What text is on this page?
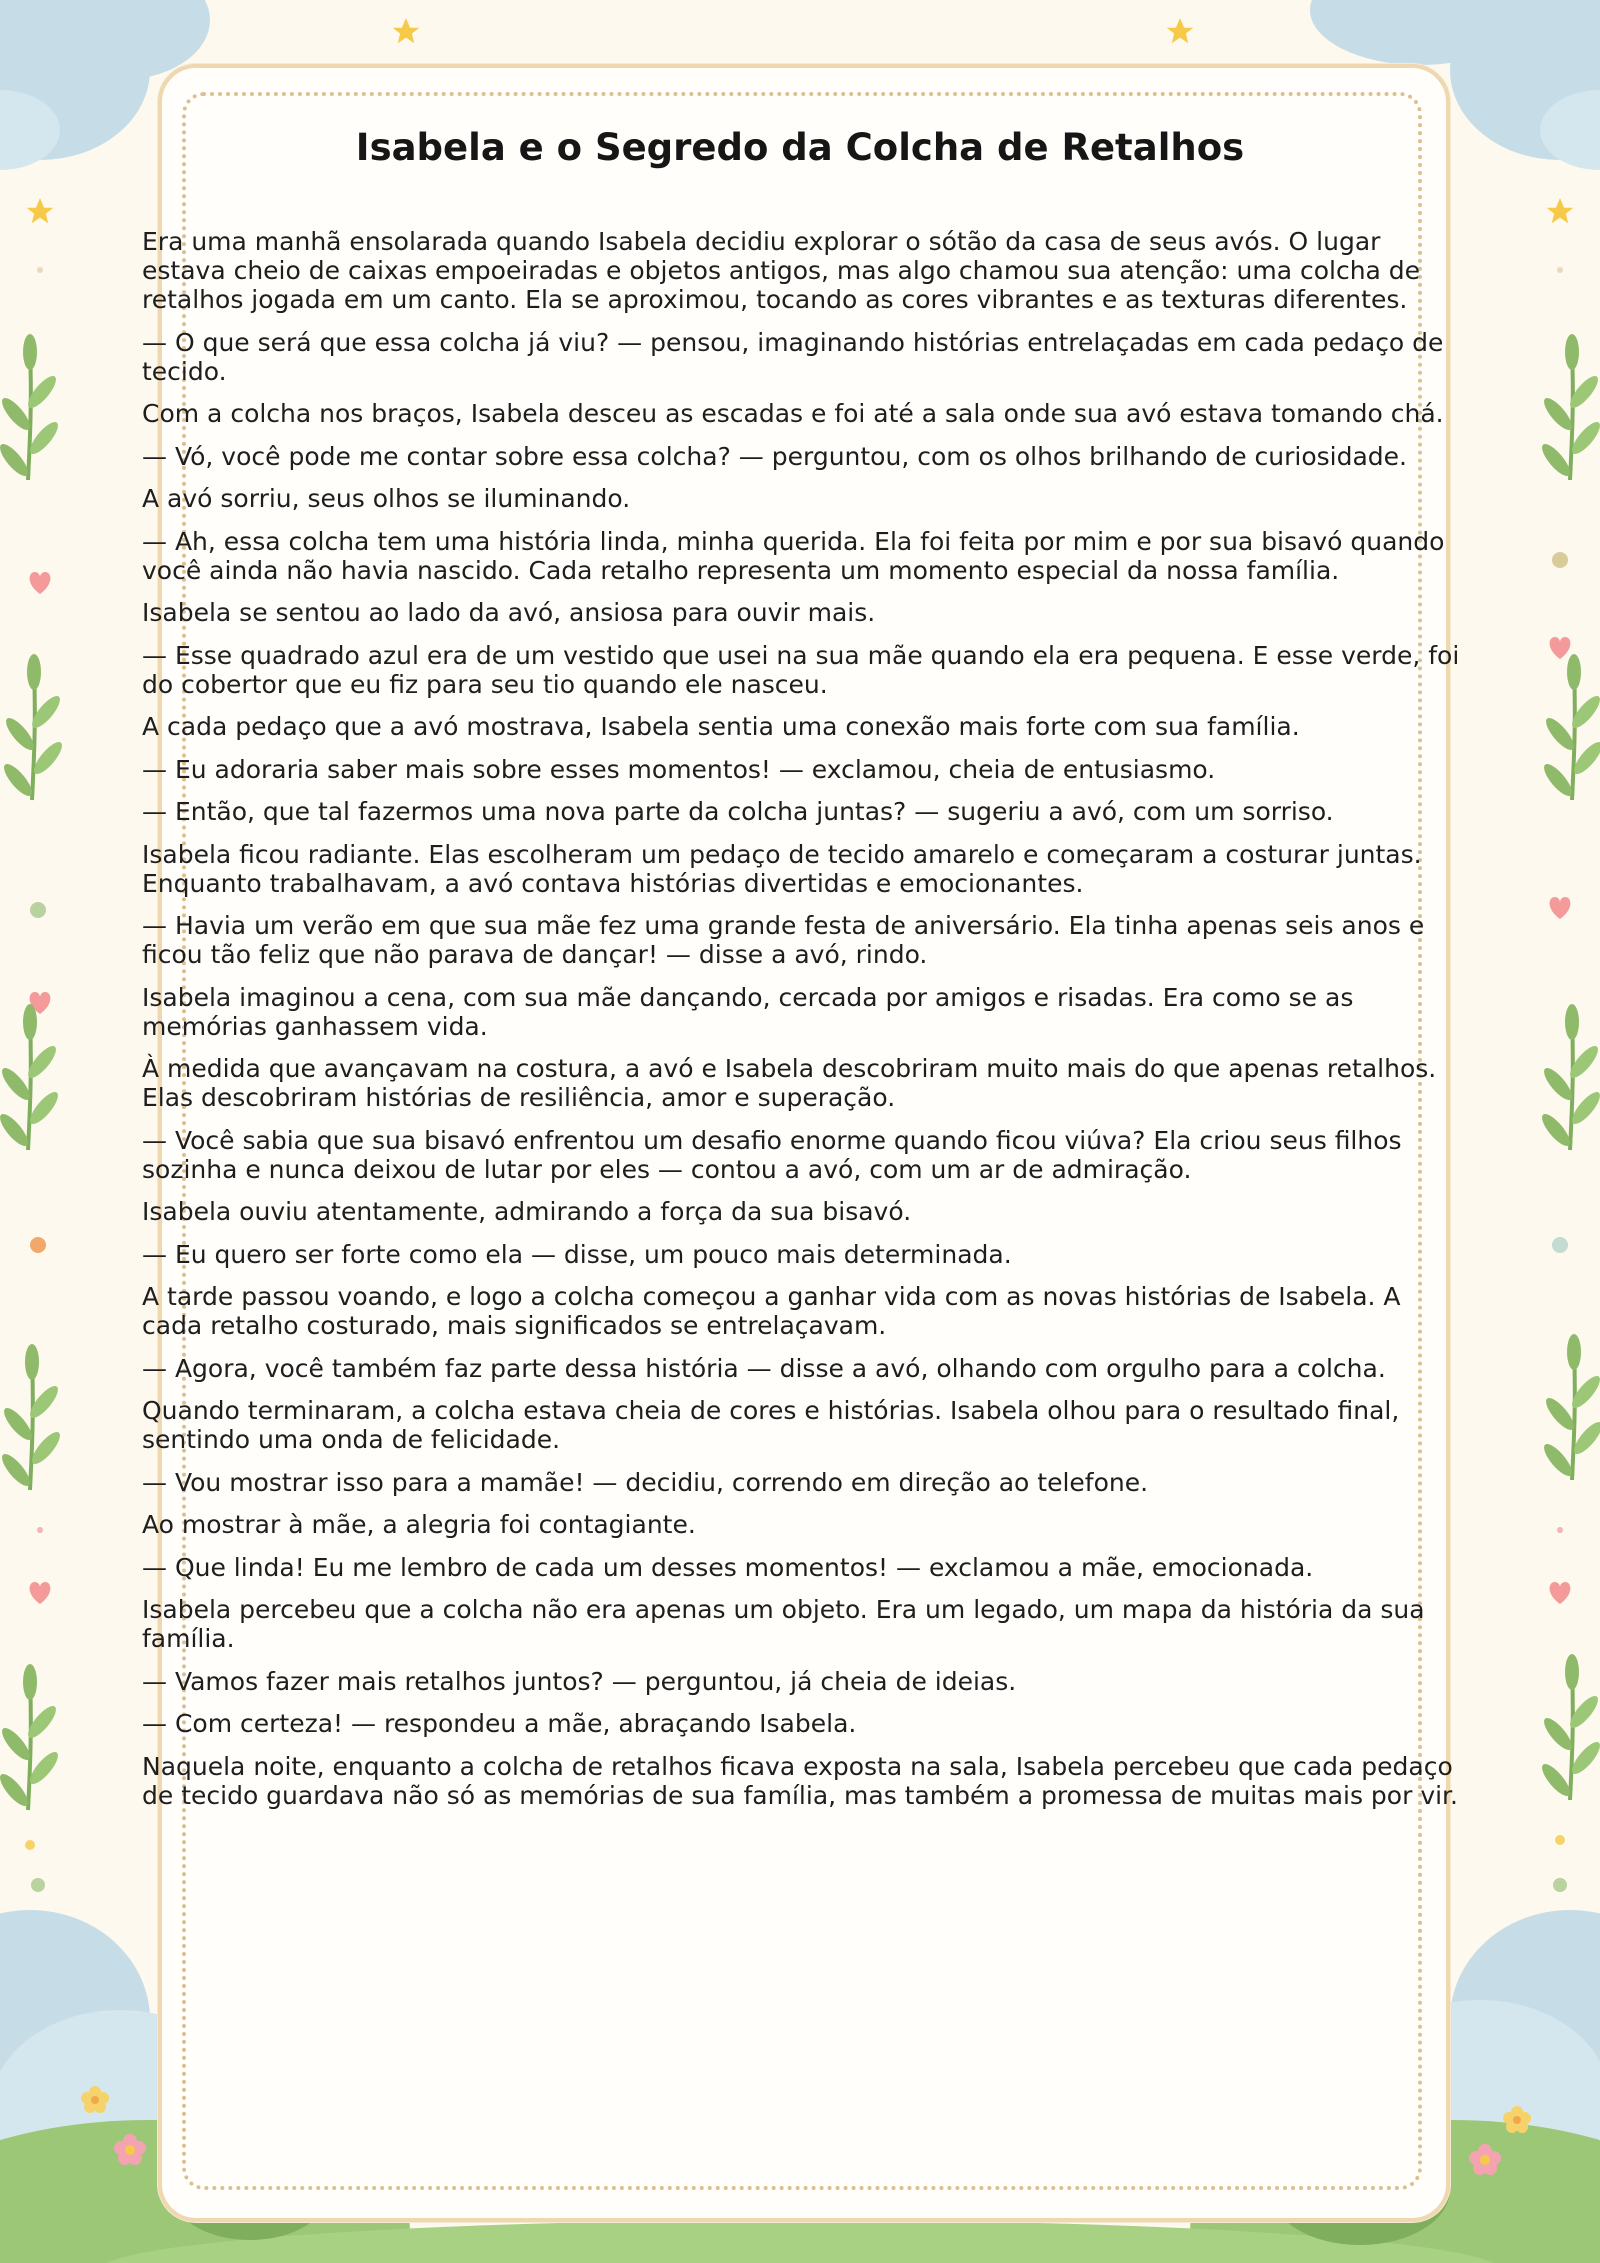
Isabela e o Segredo da Colcha de Retalhos

Era uma manhã ensolarada quando Isabela decidiu explorar o sótão da casa de seus avós. O lugar estava cheio de caixas empoeiradas e objetos antigos, mas algo chamou sua atenção: uma colcha de retalhos jogada em um canto. Ela se aproximou, tocando as cores vibrantes e as texturas diferentes.

— O que será que essa colcha já viu? — pensou, imaginando histórias entrelaçadas em cada pedaço de tecido.

Com a colcha nos braços, Isabela desceu as escadas e foi até a sala onde sua avó estava tomando chá.

— Vó, você pode me contar sobre essa colcha? — perguntou, com os olhos brilhando de curiosidade.

A avó sorriu, seus olhos se iluminando.

— Ah, essa colcha tem uma história linda, minha querida. Ela foi feita por mim e por sua bisavó quando você ainda não havia nascido. Cada retalho representa um momento especial da nossa família.

Isabela se sentou ao lado da avó, ansiosa para ouvir mais.

— Esse quadrado azul era de um vestido que usei na sua mãe quando ela era pequena. E esse verde, foi do cobertor que eu fiz para seu tio quando ele nasceu.

A cada pedaço que a avó mostrava, Isabela sentia uma conexão mais forte com sua família.

— Eu adoraria saber mais sobre esses momentos! — exclamou, cheia de entusiasmo.

— Então, que tal fazermos uma nova parte da colcha juntas? — sugeriu a avó, com um sorriso.

Isabela ficou radiante. Elas escolheram um pedaço de tecido amarelo e começaram a costurar juntas. Enquanto trabalhavam, a avó contava histórias divertidas e emocionantes.

— Havia um verão em que sua mãe fez uma grande festa de aniversário. Ela tinha apenas seis anos e ficou tão feliz que não parava de dançar! — disse a avó, rindo.

Isabela imaginou a cena, com sua mãe dançando, cercada por amigos e risadas. Era como se as memórias ganhassem vida.

À medida que avançavam na costura, a avó e Isabela descobriram muito mais do que apenas retalhos. Elas descobriram histórias de resiliência, amor e superação.

— Você sabia que sua bisavó enfrentou um desafio enorme quando ficou viúva? Ela criou seus filhos sozinha e nunca deixou de lutar por eles — contou a avó, com um ar de admiração.

Isabela ouviu atentamente, admirando a força da sua bisavó.

— Eu quero ser forte como ela — disse, um pouco mais determinada.

A tarde passou voando, e logo a colcha começou a ganhar vida com as novas histórias de Isabela. A cada retalho costurado, mais significados se entrelaçavam.

— Agora, você também faz parte dessa história — disse a avó, olhando com orgulho para a colcha.

Quando terminaram, a colcha estava cheia de cores e histórias. Isabela olhou para o resultado final, sentindo uma onda de felicidade.

— Vou mostrar isso para a mamãe! — decidiu, correndo em direção ao telefone.

Ao mostrar à mãe, a alegria foi contagiante.

— Que linda! Eu me lembro de cada um desses momentos! — exclamou a mãe, emocionada.

Isabela percebeu que a colcha não era apenas um objeto. Era um legado, um mapa da história da sua família.

— Vamos fazer mais retalhos juntos? — perguntou, já cheia de ideias.

— Com certeza! — respondeu a mãe, abraçando Isabela.

Naquela noite, enquanto a colcha de retalhos ficava exposta na sala, Isabela percebeu que cada pedaço de tecido guardava não só as memórias de sua família, mas também a promessa de muitas mais por vir.
